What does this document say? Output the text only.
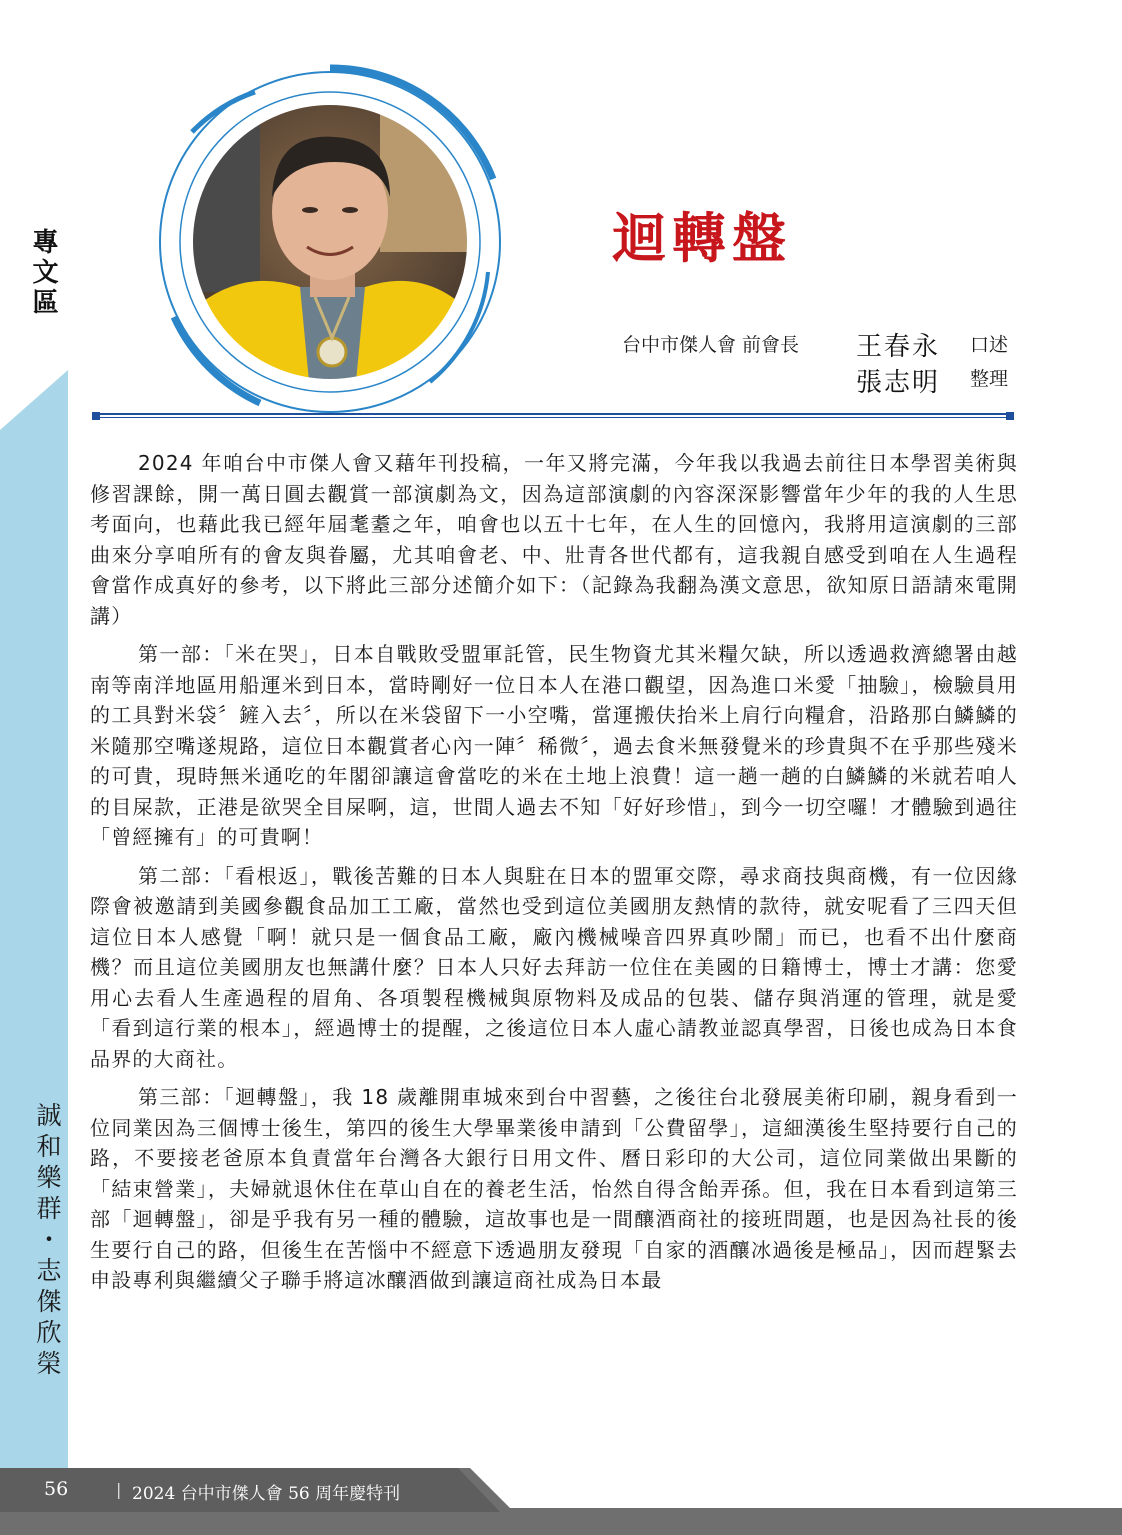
專文區
誠和樂群・志傑欣榮
迴轉盤
台中市傑人會 前會長 王春永 口述
張志明 整理

2024 年咱台中市傑人會又藉年刊投稿，一年又將完滿，今年我以我過去前往日本學習美術與修習課餘，開一萬日圓去觀賞一部演劇為文，因為這部演劇的內容深深影響當年少年的我的人生思考面向，也藉此我已經年屆耄耋之年，咱會也以五十七年，在人生的回憶內，我將用這演劇的三部曲來分享咱所有的會友與眷屬，尤其咱會老、中、壯青各世代都有，這我親自感受到咱在人生過程會當作成真好的參考，以下將此三部分述簡介如下：（記錄為我翻為漢文意思，欲知原日語請來電開講）

第一部：「米在哭」，日本自戰敗受盟軍託管，民生物資尤其米糧欠缺，所以透過救濟總署由越南等南洋地區用船運米到日本，當時剛好一位日本人在港口觀望，因為進口米愛「抽驗」，檢驗員用的工具對米袋〞鏟入去〞，所以在米袋留下一小空嘴，當運搬伕抬米上肩行向糧倉，沿路那白鱗鱗的米隨那空嘴遂規路，這位日本觀賞者心內一陣〞稀微〞，過去食米無發覺米的珍貴與不在乎那些殘米的可貴，現時無米通吃的年閣卻讓這會當吃的米在土地上浪費！這一趟一趟的白鱗鱗的米就若咱人的目屎款，正港是欲哭全目屎啊，這，世間人過去不知「好好珍惜」，到今一切空囉！才體驗到過往「曾經擁有」的可貴啊！

第二部：「看根返」，戰後苦難的日本人與駐在日本的盟軍交際，尋求商技與商機，有一位因緣際會被邀請到美國參觀食品加工工廠，當然也受到這位美國朋友熱情的款待，就安呢看了三四天但這位日本人感覺「啊！就只是一個食品工廠，廠內機械噪音四界真吵鬧」而已，也看不出什麼商機？而且這位美國朋友也無講什麼？日本人只好去拜訪一位住在美國的日籍博士，博士才講：您愛用心去看人生產過程的眉角、各項製程機械與原物料及成品的包裝、儲存與消運的管理，就是愛「看到這行業的根本」，經過博士的提醒，之後這位日本人虛心請教並認真學習，日後也成為日本食品界的大商社。

第三部：「迴轉盤」，我 18 歲離開車城來到台中習藝，之後往台北發展美術印刷，親身看到一位同業因為三個博士後生，第四的後生大學畢業後申請到「公費留學」，這細漢後生堅持要行自己的路，不要接老爸原本負責當年台灣各大銀行日用文件、曆日彩印的大公司，這位同業做出果斷的「結束營業」，夫婦就退休住在草山自在的養老生活，怡然自得含飴弄孫。但，我在日本看到這第三部「迴轉盤」，卻是乎我有另一種的體驗，這故事也是一間釀酒商社的接班問題，也是因為社長的後生要行自己的路，但後生在苦惱中不經意下透過朋友發現「自家的酒釀冰過後是極品」，因而趕緊去申設專利與繼續父子聯手將這冰釀酒做到讓這商社成為日本最

56	| 2024 台中市傑人會 56 周年慶特刊
